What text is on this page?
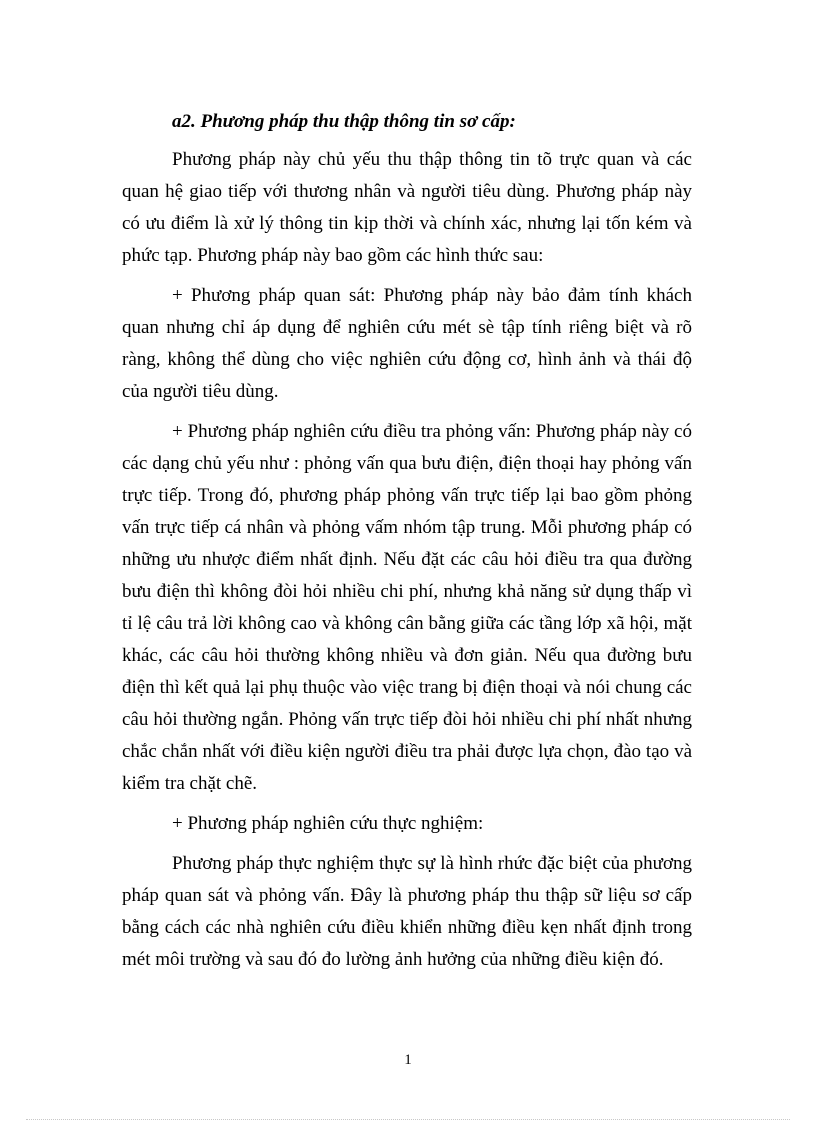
a2. Phương pháp thu thập thông tin sơ cấp:

Phương pháp này chủ yếu thu thập thông tin tõ trực quan và các quan hệ giao tiếp với thương nhân và người tiêu dùng. Phương pháp này có ưu điểm là xử lý thông tin kịp thời và chính xác, nhưng lại tốn kém và phức tạp. Phương pháp này bao gồm các hình thức sau:

+ Phương pháp quan sát: Phương pháp này bảo đảm tính khách quan nhưng chỉ áp dụng để nghiên cứu mét sè tập tính riêng biệt và rõ ràng, không thể dùng cho việc nghiên cứu động cơ, hình ảnh và thái độ của người tiêu dùng.

+ Phương pháp nghiên cứu điều tra phỏng vấn: Phương pháp này có các dạng chủ yếu như : phỏng vấn qua bưu điện, điện thoại hay phỏng vấn trực tiếp. Trong đó, phương pháp phỏng vấn trực tiếp lại bao gồm phỏng vấn trực tiếp cá nhân và phỏng vấm nhóm tập trung. Mỗi phương pháp có những ưu nhược điểm nhất định. Nếu đặt các câu hỏi điều tra qua đường bưu điện thì không đòi hỏi nhiều chi phí, nhưng khả năng sử dụng thấp vì tỉ lệ câu trả lời không cao và không cân bằng giữa các tầng lớp xã hội, mặt khác, các câu hỏi thường không nhiều và đơn giản. Nếu qua đường bưu điện thì kết quả lại phụ thuộc vào việc trang bị điện thoại và nói chung các câu hỏi thường ngắn. Phỏng vấn trực tiếp đòi hỏi nhiều chi phí nhất nhưng chắc chắn nhất với điều kiện người điều tra phải được lựa chọn, đào tạo và kiểm tra chặt chẽ.

+ Phương pháp nghiên cứu thực nghiệm:

Phương pháp thực nghiệm thực sự là hình rhức đặc biệt của phương pháp quan sát và phỏng vấn. Đây là phương pháp thu thập sữ liệu sơ cấp bằng cách các nhà nghiên cứu điều khiển những điều kẹn nhất định trong mét môi trường và sau đó đo lường ảnh hưởng của những điều kiện đó.

1
